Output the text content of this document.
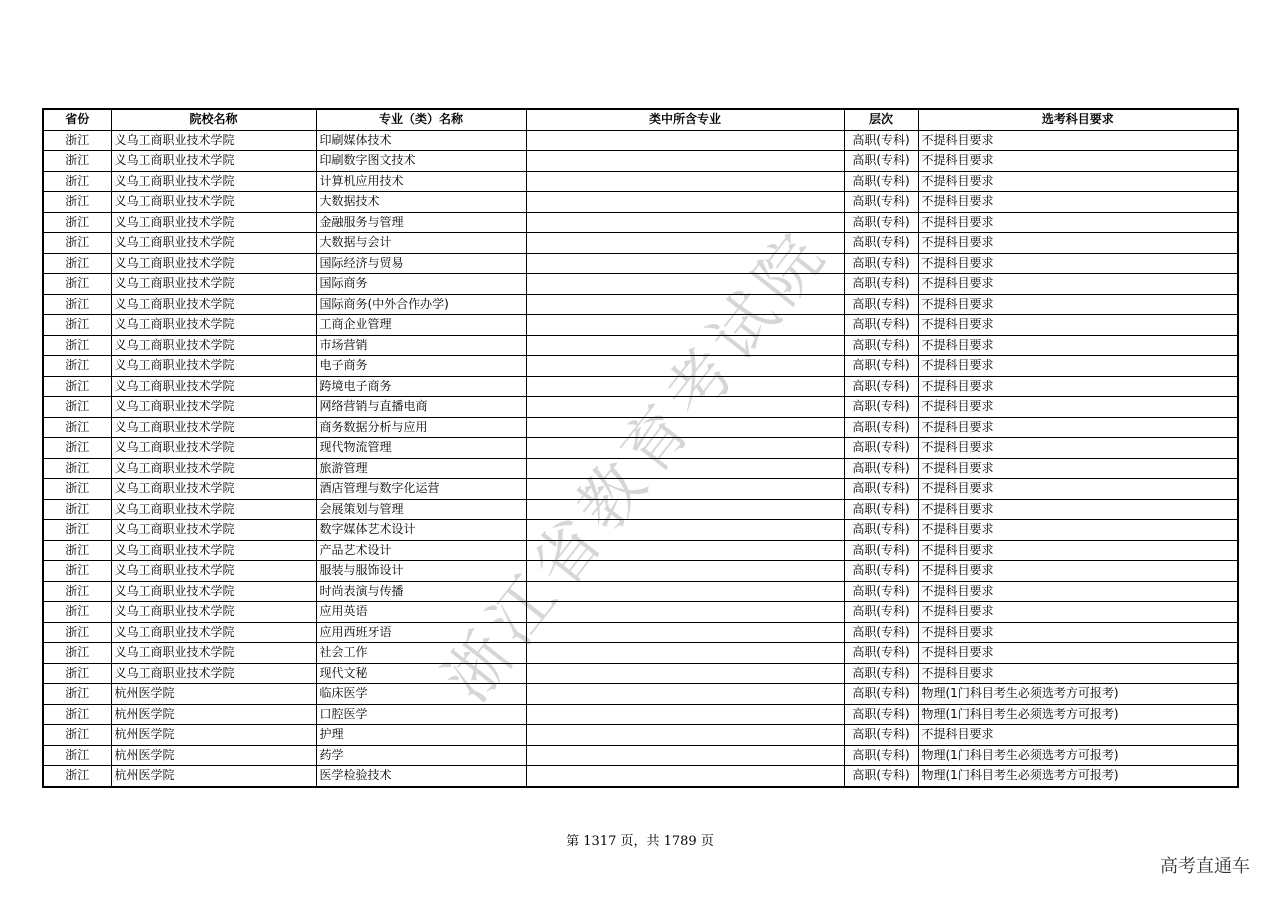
省份	院校名称	专业（类）名称	类中所含专业	层次	选考科目要求
浙江	义乌工商职业技术学院	印刷媒体技术		高职(专科)	不提科目要求
浙江	义乌工商职业技术学院	印刷数字图文技术		高职(专科)	不提科目要求
浙江	义乌工商职业技术学院	计算机应用技术		高职(专科)	不提科目要求
浙江	义乌工商职业技术学院	大数据技术		高职(专科)	不提科目要求
浙江	义乌工商职业技术学院	金融服务与管理		高职(专科)	不提科目要求
浙江	义乌工商职业技术学院	大数据与会计		高职(专科)	不提科目要求
浙江	义乌工商职业技术学院	国际经济与贸易		高职(专科)	不提科目要求
浙江	义乌工商职业技术学院	国际商务		高职(专科)	不提科目要求
浙江	义乌工商职业技术学院	国际商务(中外合作办学)		高职(专科)	不提科目要求
浙江	义乌工商职业技术学院	工商企业管理		高职(专科)	不提科目要求
浙江	义乌工商职业技术学院	市场营销		高职(专科)	不提科目要求
浙江	义乌工商职业技术学院	电子商务		高职(专科)	不提科目要求
浙江	义乌工商职业技术学院	跨境电子商务		高职(专科)	不提科目要求
浙江	义乌工商职业技术学院	网络营销与直播电商		高职(专科)	不提科目要求
浙江	义乌工商职业技术学院	商务数据分析与应用		高职(专科)	不提科目要求
浙江	义乌工商职业技术学院	现代物流管理		高职(专科)	不提科目要求
浙江	义乌工商职业技术学院	旅游管理		高职(专科)	不提科目要求
浙江	义乌工商职业技术学院	酒店管理与数字化运营		高职(专科)	不提科目要求
浙江	义乌工商职业技术学院	会展策划与管理		高职(专科)	不提科目要求
浙江	义乌工商职业技术学院	数字媒体艺术设计		高职(专科)	不提科目要求
浙江	义乌工商职业技术学院	产品艺术设计		高职(专科)	不提科目要求
浙江	义乌工商职业技术学院	服装与服饰设计		高职(专科)	不提科目要求
浙江	义乌工商职业技术学院	时尚表演与传播		高职(专科)	不提科目要求
浙江	义乌工商职业技术学院	应用英语		高职(专科)	不提科目要求
浙江	义乌工商职业技术学院	应用西班牙语		高职(专科)	不提科目要求
浙江	义乌工商职业技术学院	社会工作		高职(专科)	不提科目要求
浙江	义乌工商职业技术学院	现代文秘		高职(专科)	不提科目要求
浙江	杭州医学院	临床医学		高职(专科)	物理(1门科目考生必须选考方可报考)
浙江	杭州医学院	口腔医学		高职(专科)	物理(1门科目考生必须选考方可报考)
浙江	杭州医学院	护理		高职(专科)	不提科目要求
浙江	杭州医学院	药学		高职(专科)	物理(1门科目考生必须选考方可报考)
浙江	杭州医学院	医学检验技术		高职(专科)	物理(1门科目考生必须选考方可报考)
浙江省教育考试院
第 1317 页，共 1789 页
高考直通车
